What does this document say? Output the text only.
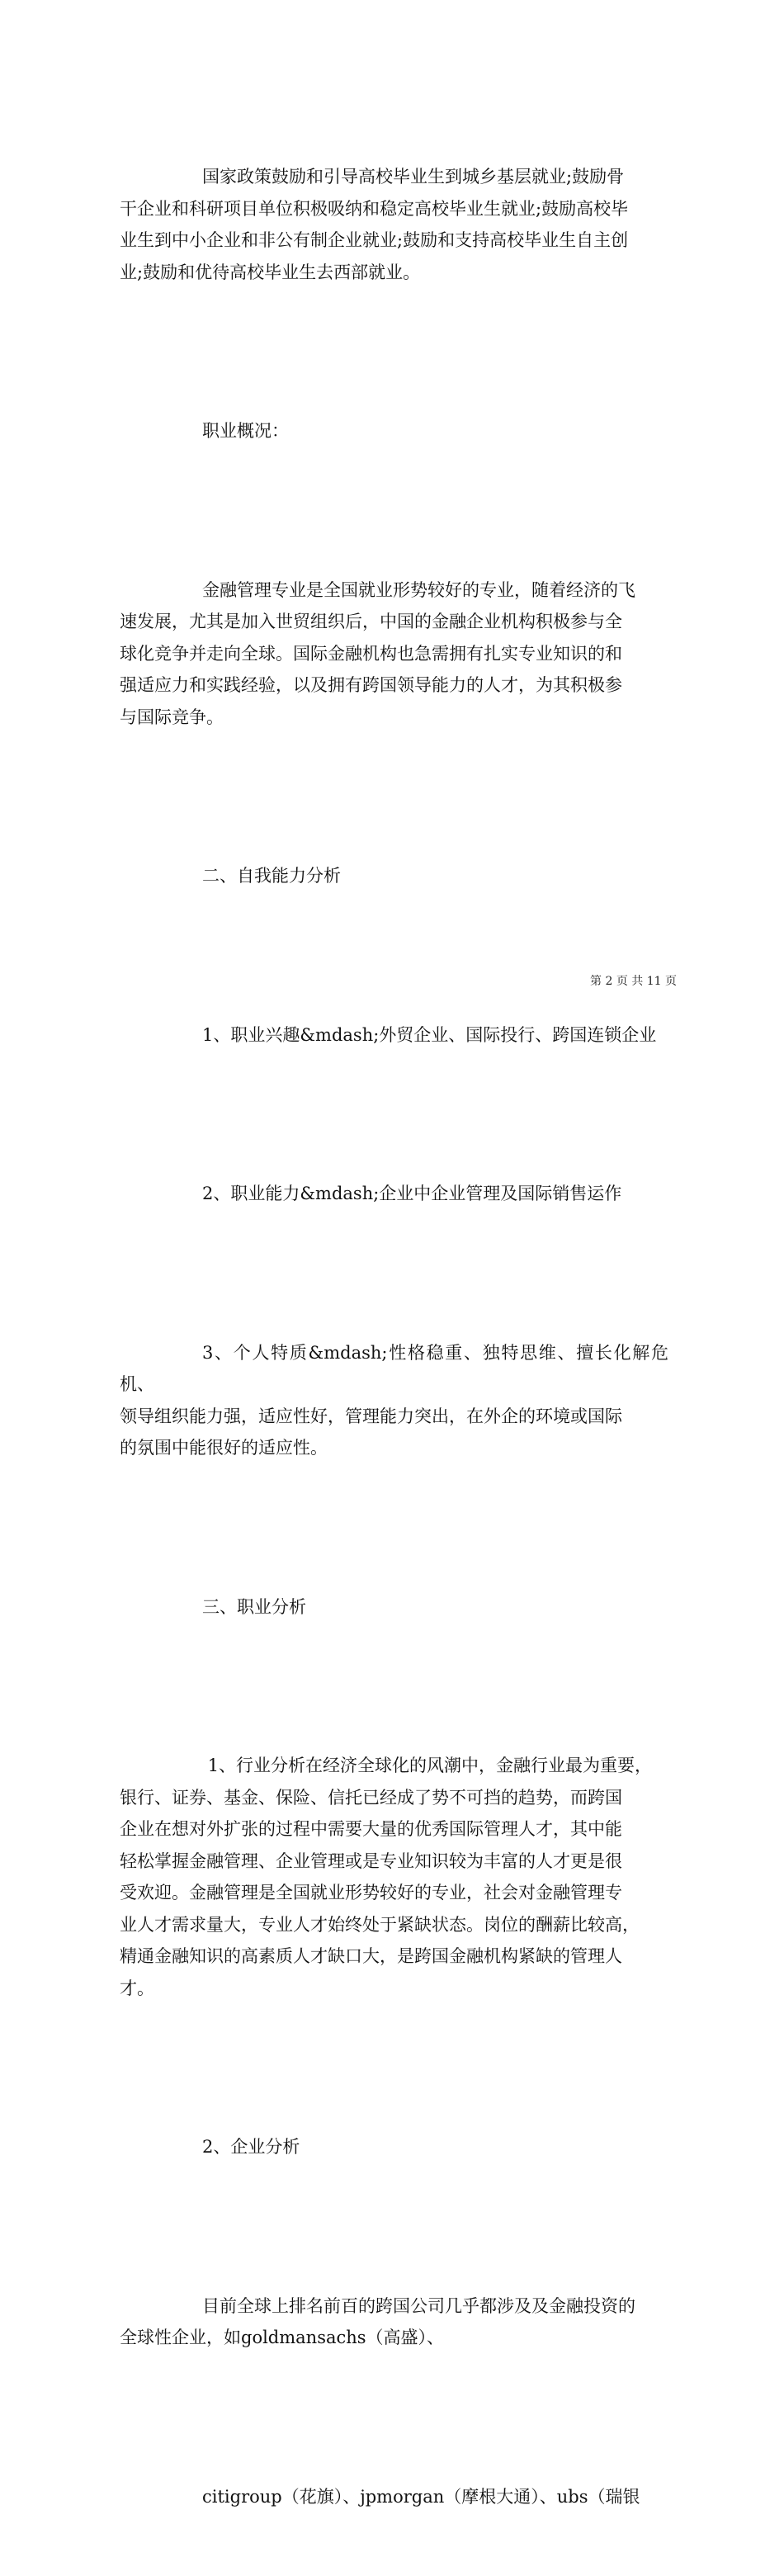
国家政策鼓励和引导高校毕业生到城乡基层就业;鼓励骨
干企业和科研项目单位积极吸纳和稳定高校毕业生就业;鼓励高校毕
业生到中小企业和非公有制企业就业;鼓励和支持高校毕业生自主创
业;鼓励和优待高校毕业生去西部就业。

职业概况：

金融管理专业是全国就业形势较好的专业，随着经济的飞
速发展，尤其是加入世贸组织后，中国的金融企业机构积极参与全
球化竞争并走向全球。国际金融机构也急需拥有扎实专业知识的和
强适应力和实践经验，以及拥有跨国领导能力的人才，为其积极参
与国际竞争。

二、自我能力分析

1、职业兴趣&mdash;外贸企业、国际投行、跨国连锁企业

2、职业能力&mdash;企业中企业管理及国际销售运作

3、个人特质&mdash;性格稳重、独特思维、擅长化解危机、
领导组织能力强，适应性好，管理能力突出，在外企的环境或国际
的氛围中能很好的适应性。

三、职业分析

1、行业分析在经济全球化的风潮中，金融行业最为重要，
银行、证券、基金、保险、信托已经成了势不可挡的趋势，而跨国
企业在想对外扩张的过程中需要大量的优秀国际管理人才，其中能
轻松掌握金融管理、企业管理或是专业知识较为丰富的人才更是很
受欢迎。金融管理是全国就业形势较好的专业，社会对金融管理专
业人才需求量大，专业人才始终处于紧缺状态。岗位的酬薪比较高，
精通金融知识的高素质人才缺口大，是跨国金融机构紧缺的管理人
才。

2、企业分析

目前全球上排名前百的跨国公司几乎都涉及及金融投资的
全球性企业，如goldmansachs（高盛）、

citigroup（花旗）、jpmorgan（摩根大通）、ubs（瑞银

第 2 页 共 11 页
